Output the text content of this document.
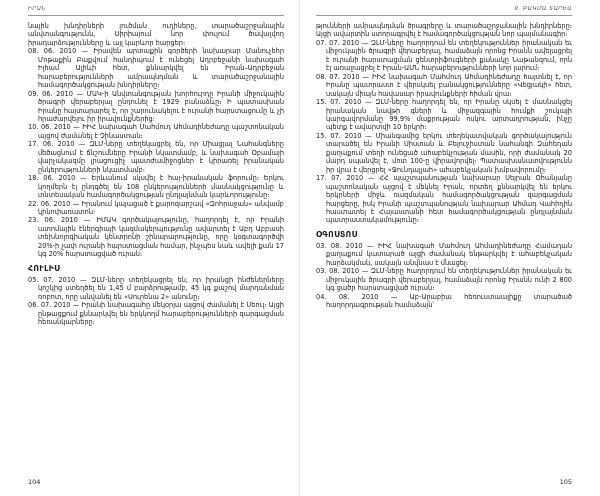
ԻՐԱՆ

նային խնդիրների լուծման ուղիները, տարածաշրջանային անվտանգությունն, Սիրիայում նոր փուլում ծավալվող իրադարձությունները և այլ կարևոր հարցեր։

08. 06. 2010 — Իրավեն արտաքին գործերի նախարար Մանուչեհր Մոթաքին Բաքվում հանդիպում է ունեցել Ադրբեջանի նախագահ Իլհամ Ալիևի հետ, քննարկվել են Իրան–Ադրբեջան հարաբերությունների ամրապնդման և տարածաշրջանային համագործակցության խնդիրները։

09. 06. 2010 — ՄԱԿ-ի Անվտանգության խորհուրդը Իրանի միջուկային ծրագրի վերաբերյալ ընդունել է 1929 բանաձևը։ Ի պատասխան Իրանը հայտարարել է, որ շարունակելու է ուրանի հարստացումը և չի հրաժարվելու իր իրավունքներից։

10. 06. 2010 — ԻԻՀ նախագահ Մահմուդ Ահմադինեժադը պաշտոնական այցով ժամանել է Չինաստան։

17. 06. 2010 — ԶԼՄ-ները տեղեկացրել են, որ Միացյալ Նահանգները մեծացնում է ճնշումները Իրանի նկատմամբ, և նախագահ Օբամայի վարչակազմը լրացուցիչ պատժամիջոցներ է կիրառել իրանական ընկերությունների նկատմամբ։

18. 06. 2010 — Երևանում սկսվել է հայ-իրանական ֆորումը։ Երկու կողմերն էլ ընդգծել են 108 ընկերությունների մասնակցությունը և տնտեսական համագործակցության ընդլայնման կարևորությունը։

22. 06. 2010 — Իրանում կայացած է քարոզարշավ «Զոհրաջան» անվամբ կինոփառատոն։

23. 06. 2010 — ԻՄԱԿ գործակալությունը, հաղորդել է, որ Իրանի ատոմային էներգիայի կազմակերպությունը ավարտել է Աբդ Աբբասի տեխնոլոգիական կենտրոնի շինարարությունը, որը կօգտագործվի 20%-ի չափ ուրանի հարստացման համար, ինչպես նաև ավելի քան 17 կգ 20% հարստացված ուրան։

ՀՈՒԼԻՍ

05. 07. 2010 — ԶԼՄ-ները տեղեկացրել են, որ իրանցի ինժեներները կոշկից ստեղծել են 1,45 մ բարձրությամբ, 45 կգ քաշով մարդանման ռոբոտ, որը անվանել են «Սուրենա 2» անունը։

06. 07. 2010 — Իրանի նախագահը մեկօրյա այցով ժամանել է Սեուլ։ Այցի ընթացքում քննարկվել են երկկողմ հարաբերությունների զարգացման հեռանկարները։

104
9. ԲԱԿՄԱ ՏԱՐԵԱ

թյունների ամրապնդման ծրագրերը և տարածաշրջանային խնդիրները։ Այցի ավարտին ստորագրվել է համագործակցության նոր պայմանագիր։

07. 07. 2010 — ԶԼՄ-ները հաղորդում են տեղեկություններ իրանական եւ միջուկային ծրագրի վերաբերյալ, համաձայն որոնց Իրանն ավելացրել է ուրանի հարստացման ցենտրիֆուգների քանակը Նաթանզում, որն էլ առաջացրել է Իրան-ԱՄՆ հարաբերությունների նոր լարում։

08. 07. 2010 — ԻԻՀ նախագահ Մահմուդ Ահմադինեժադը հայտնել է, որ Իրանը պատրաստ է վերսկսել բանակցությունները «Վեցյակի» հետ, սակայն միայն հավասար իրավունքների հիման վրա։

15. 07. 2010 — ԶԼՄ-ները հաղորդել են, որ Իրանը սկսել է մասնակցել իրանական նավթի գների և միջազգային հումքի շուկայի կարգավորմանը 99,9% մաքրության ոսկու արտադրության, ինչը պետք է ավարտվի 10 երկրի։

15. 07. 2010 — Միանգամից երկու տեղեկատվական գործակալություն տարածել են Իրանի Սիստան և Բելուջիստան նահանգի Զահեդան քաղաքում տեղի ունեցած ահաբեկչության մասին, որի ժամանակ 20 մարդ սպանվել է, մոտ 100-ը վիրավորվել։ Պատասխանատվությունն իր վրա է վերցրել «Ջունդալլահ» ահաբեկչական խմբավորումը։

17. 07. 2010 — ՀՀ պաշտպանության նախարար Սեյրան Օհանյանը պաշտոնական այցով է մեկնել Իրան, որտեղ քննարկվել են երկու երկրների միջև ռազմական համագործակցության զարգացման հարցերը, իսկ Իրանի պաշտպանության նախարար Ահմադ Վահիդին հաստատել է Հայաստանի հետ համագործակցության ընդլայնման պատրաստակամությունը։

ՕԳՈՍՏՈՍ

03. 08. 2010 — ԻԻՀ նախագահ Մահմուդ Ահմադինեժադը Համադան քաղաքում կատարած այցի ժամանակ ենթարկվել է ահաբեկչական հարձակման, սակայն անվնաս է մնացել։

03. 08. 2010 — ԶԼՄ-ները հաղորդում են տեղեկություններ իրանական եւ միջուկային ծրագրի վերաբերյալ, համաձայն որոնց Իրանն ունի 2 800 կգ ցածր հարստացված ուրան։

04. 08. 2010 — Աբ-Արաբիա հեռուստաալիքը տարածած հաղորդագրության համաձայն՝

105
